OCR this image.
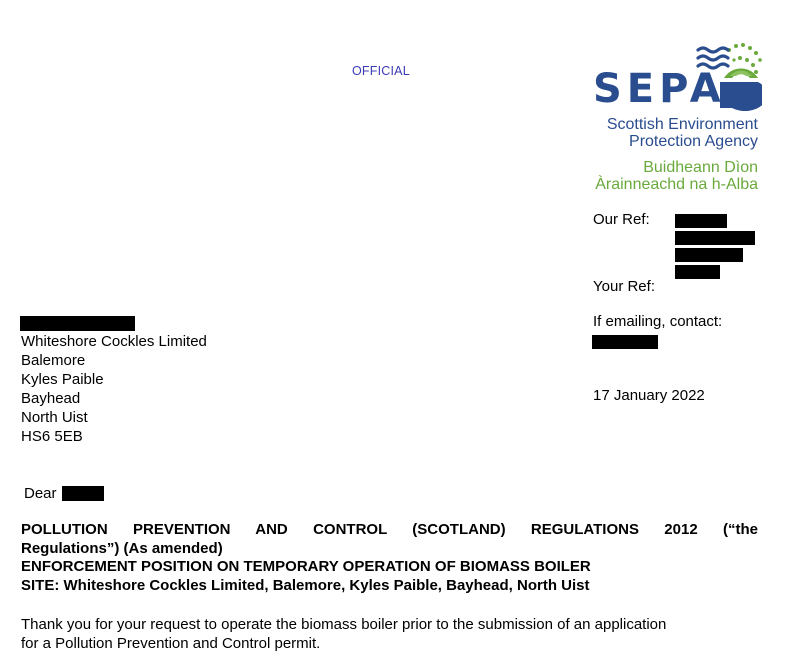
OFFICIAL	SEPA
Scottish Environment
Protection Agency
Buidheann Dìon
Àrainneachd na h-Alba
Our Ref:
Your Ref:
If emailing, contact:
17 January 2022
Whiteshore Cockles Limited
Balemore
Kyles Paible
Bayhead
North Uist
HS6 5EB
Dear
POLLUTION PREVENTION AND CONTROL (SCOTLAND) REGULATIONS 2012 (“the
Regulations”) (As amended)
ENFORCEMENT POSITION ON TEMPORARY OPERATION OF BIOMASS BOILER
SITE: Whiteshore Cockles Limited, Balemore, Kyles Paible, Bayhead, North Uist
Thank you for your request to operate the biomass boiler prior to the submission of an application
for a Pollution Prevention and Control permit.
